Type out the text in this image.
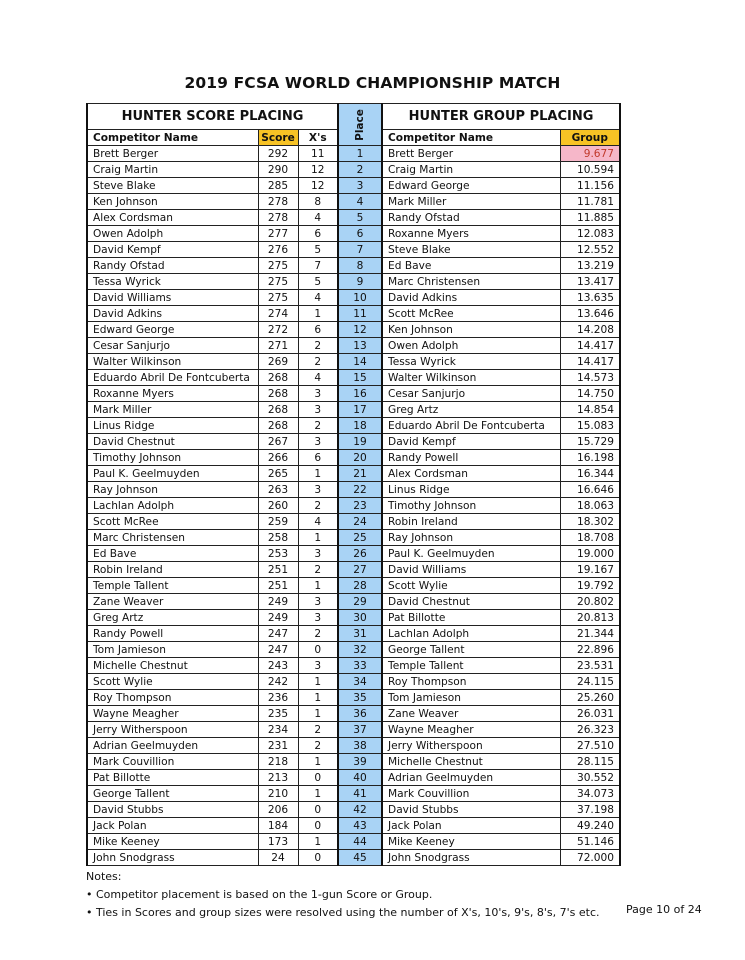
2019 FCSA WORLD CHAMPIONSHIP MATCH
HUNTER SCORE PLACING			Place	HUNTER GROUP PLACING	
Competitor Name	Score	X's		Competitor Name	Group
Brett Berger	292	11	1	Brett Berger	9.677
Craig Martin	290	12	2	Craig Martin	10.594
Steve Blake	285	12	3	Edward George	11.156
Ken Johnson	278	8	4	Mark Miller	11.781
Alex Cordsman	278	4	5	Randy Ofstad	11.885
Owen Adolph	277	6	6	Roxanne Myers	12.083
David Kempf	276	5	7	Steve Blake	12.552
Randy Ofstad	275	7	8	Ed Bave	13.219
Tessa Wyrick	275	5	9	Marc Christensen	13.417
David Williams	275	4	10	David Adkins	13.635
David Adkins	274	1	11	Scott McRee	13.646
Edward George	272	6	12	Ken Johnson	14.208
Cesar Sanjurjo	271	2	13	Owen Adolph	14.417
Walter Wilkinson	269	2	14	Tessa Wyrick	14.417
Eduardo Abril De Fontcuberta	268	4	15	Walter Wilkinson	14.573
Roxanne Myers	268	3	16	Cesar Sanjurjo	14.750
Mark Miller	268	3	17	Greg Artz	14.854
Linus Ridge	268	2	18	Eduardo Abril De Fontcuberta	15.083
David Chestnut	267	3	19	David Kempf	15.729
Timothy Johnson	266	6	20	Randy Powell	16.198
Paul K. Geelmuyden	265	1	21	Alex Cordsman	16.344
Ray Johnson	263	3	22	Linus Ridge	16.646
Lachlan Adolph	260	2	23	Timothy Johnson	18.063
Scott McRee	259	4	24	Robin Ireland	18.302
Marc Christensen	258	1	25	Ray Johnson	18.708
Ed Bave	253	3	26	Paul K. Geelmuyden	19.000
Robin Ireland	251	2	27	David Williams	19.167
Temple Tallent	251	1	28	Scott Wylie	19.792
Zane Weaver	249	3	29	David Chestnut	20.802
Greg Artz	249	3	30	Pat Billotte	20.813
Randy Powell	247	2	31	Lachlan Adolph	21.344
Tom Jamieson	247	0	32	George Tallent	22.896
Michelle Chestnut	243	3	33	Temple Tallent	23.531
Scott Wylie	242	1	34	Roy Thompson	24.115
Roy Thompson	236	1	35	Tom Jamieson	25.260
Wayne Meagher	235	1	36	Zane Weaver	26.031
Jerry Witherspoon	234	2	37	Wayne Meagher	26.323
Adrian Geelmuyden	231	2	38	Jerry Witherspoon	27.510
Mark Couvillion	218	1	39	Michelle Chestnut	28.115
Pat Billotte	213	0	40	Adrian Geelmuyden	30.552
George Tallent	210	1	41	Mark Couvillion	34.073
David Stubbs	206	0	42	David Stubbs	37.198
Jack Polan	184	0	43	Jack Polan	49.240
Mike Keeney	173	1	44	Mike Keeney	51.146
John Snodgrass	24	0	45	John Snodgrass	72.000
Notes:
• Competitor placement is based on the 1-gun Score or Group.
• Ties in Scores and group sizes were resolved using the number of X's, 10's, 9's, 8's, 7's etc. Page 10 of 24
